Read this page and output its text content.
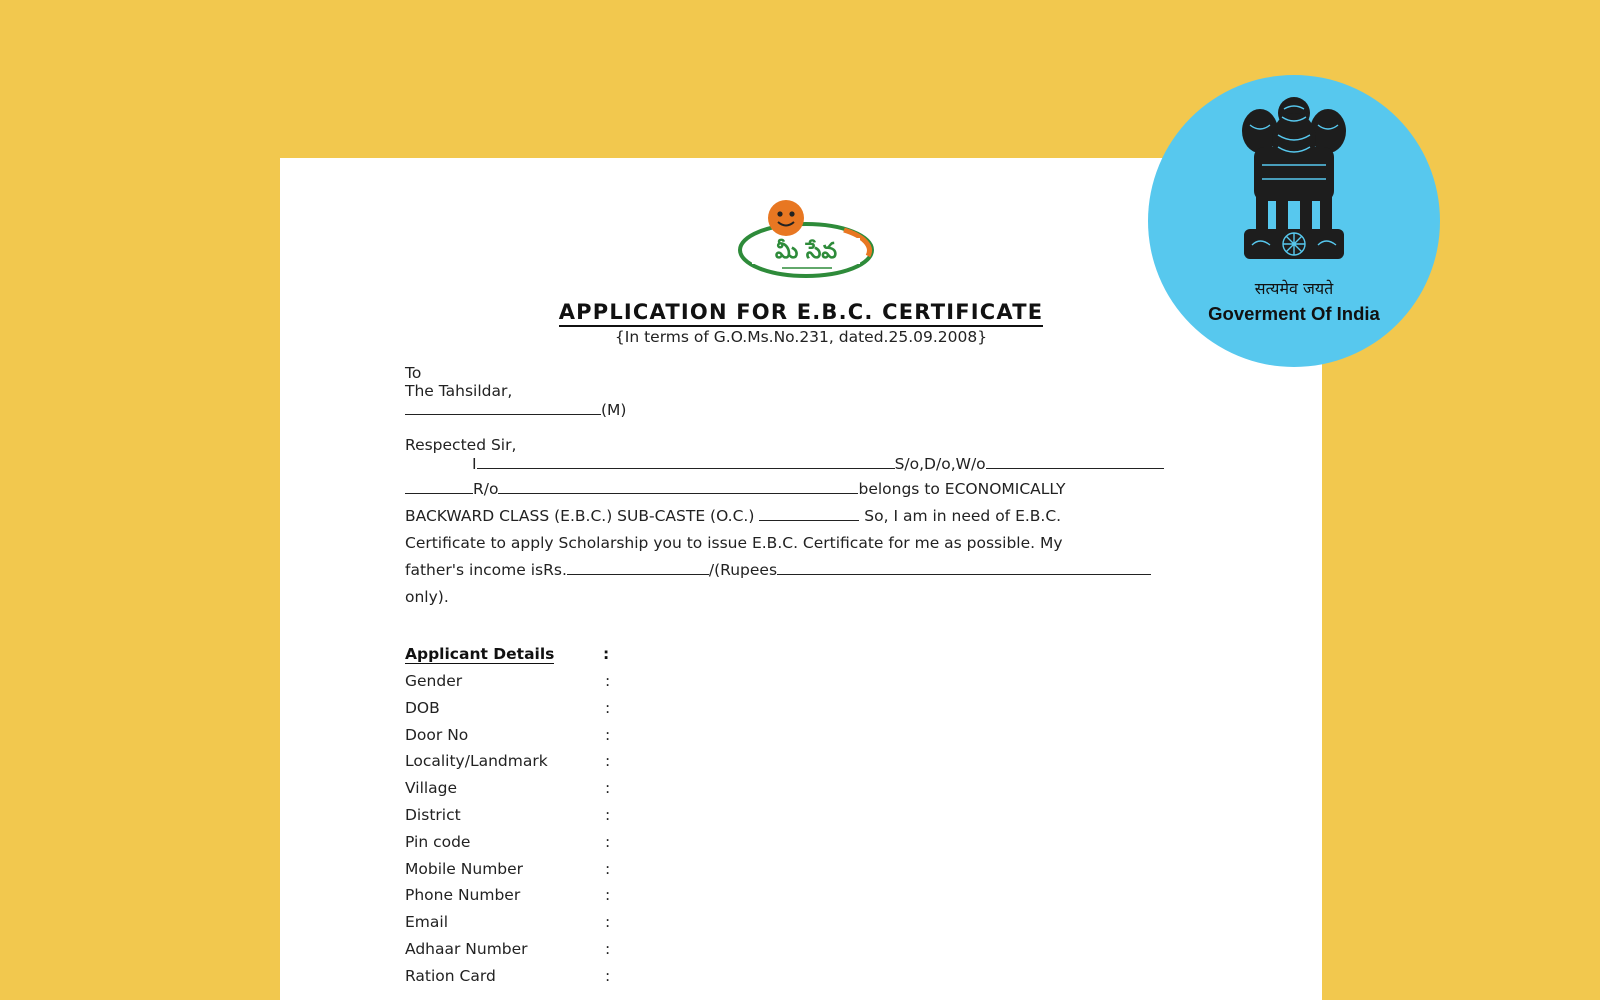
మీ సేవ
APPLICATION FOR E.B.C. CERTIFICATE
{In terms of G.O.Ms.No.231, dated.25.09.2008}
To
The Tahsildar,
(M)
Respected Sir,
I	S/o,D/o,W/o
R/o	belongs to ECONOMICALLY
BACKWARD CLASS (E.B.C.) SUB-CASTE (O.C.)	So, I am in need of E.B.C.
Certificate to apply Scholarship you to issue E.B.C. Certificate for me as possible. My
father's income isRs.	/(Rupees
only).
Applicant Details	:
Gender	:
DOB	:
Door No	:
Locality/Landmark	:
Village	:
District	:
Pin code	:
Mobile Number	:
Phone Number	:
Email	:
Adhaar Number	:
Ration Card	:
सत्यमेव जयते
Goverment Of India
